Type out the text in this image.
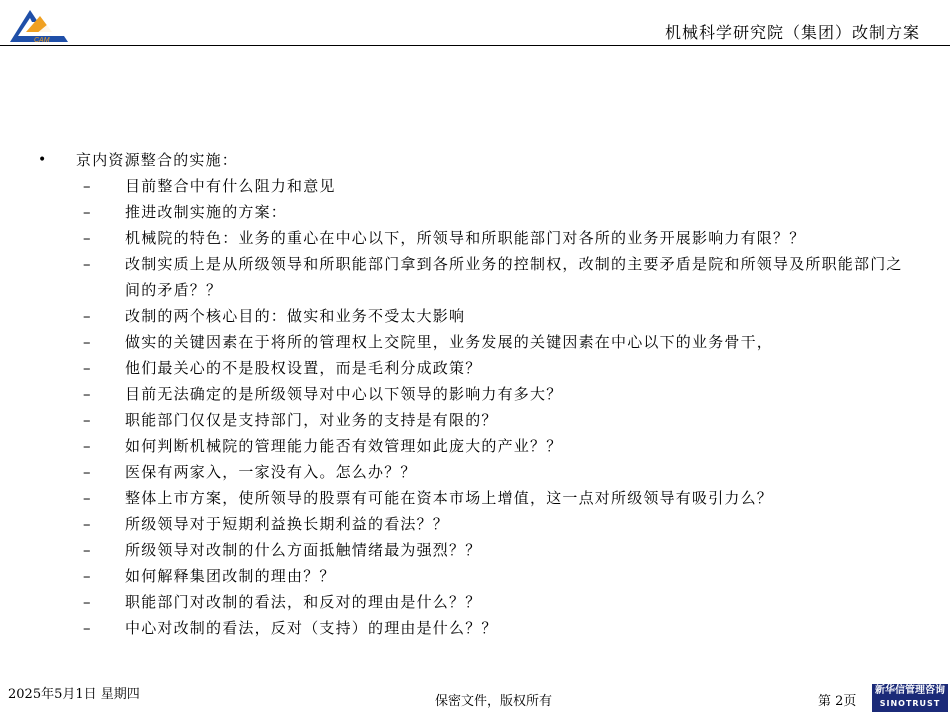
CAM	机械科学研究院（集团）改制方案
•	京内资源整合的实施：
–	目前整合中有什么阻力和意见
–	推进改制实施的方案：
–	机械院的特色：业务的重心在中心以下，所领导和所职能部门对各所的业务开展影响力有限？？
–	改制实质上是从所级领导和所职能部门拿到各所业务的控制权，改制的主要矛盾是院和所领导及所职能部门之间的矛盾？？
–	改制的两个核心目的：做实和业务不受太大影响
–	做实的关键因素在于将所的管理权上交院里，业务发展的关键因素在中心以下的业务骨干，
–	他们最关心的不是股权设置，而是毛利分成政策？
–	目前无法确定的是所级领导对中心以下领导的影响力有多大？
–	职能部门仅仅是支持部门，对业务的支持是有限的？
–	如何判断机械院的管理能力能否有效管理如此庞大的产业？？
–	医保有两家入，一家没有入。怎么办？？
–	整体上市方案，使所领导的股票有可能在资本市场上增值，这一点对所级领导有吸引力么？
–	所级领导对于短期利益换长期利益的看法？？
–	所级领导对改制的什么方面抵触情绪最为强烈？？
–	如何解释集团改制的理由？？
–	职能部门对改制的看法，和反对的理由是什么？？
–	中心对改制的看法，反对（支持）的理由是什么？？
2025年5月1日 星期四	保密文件，版权所有	第 2页
新华信管理咨询
SINOTRUST
